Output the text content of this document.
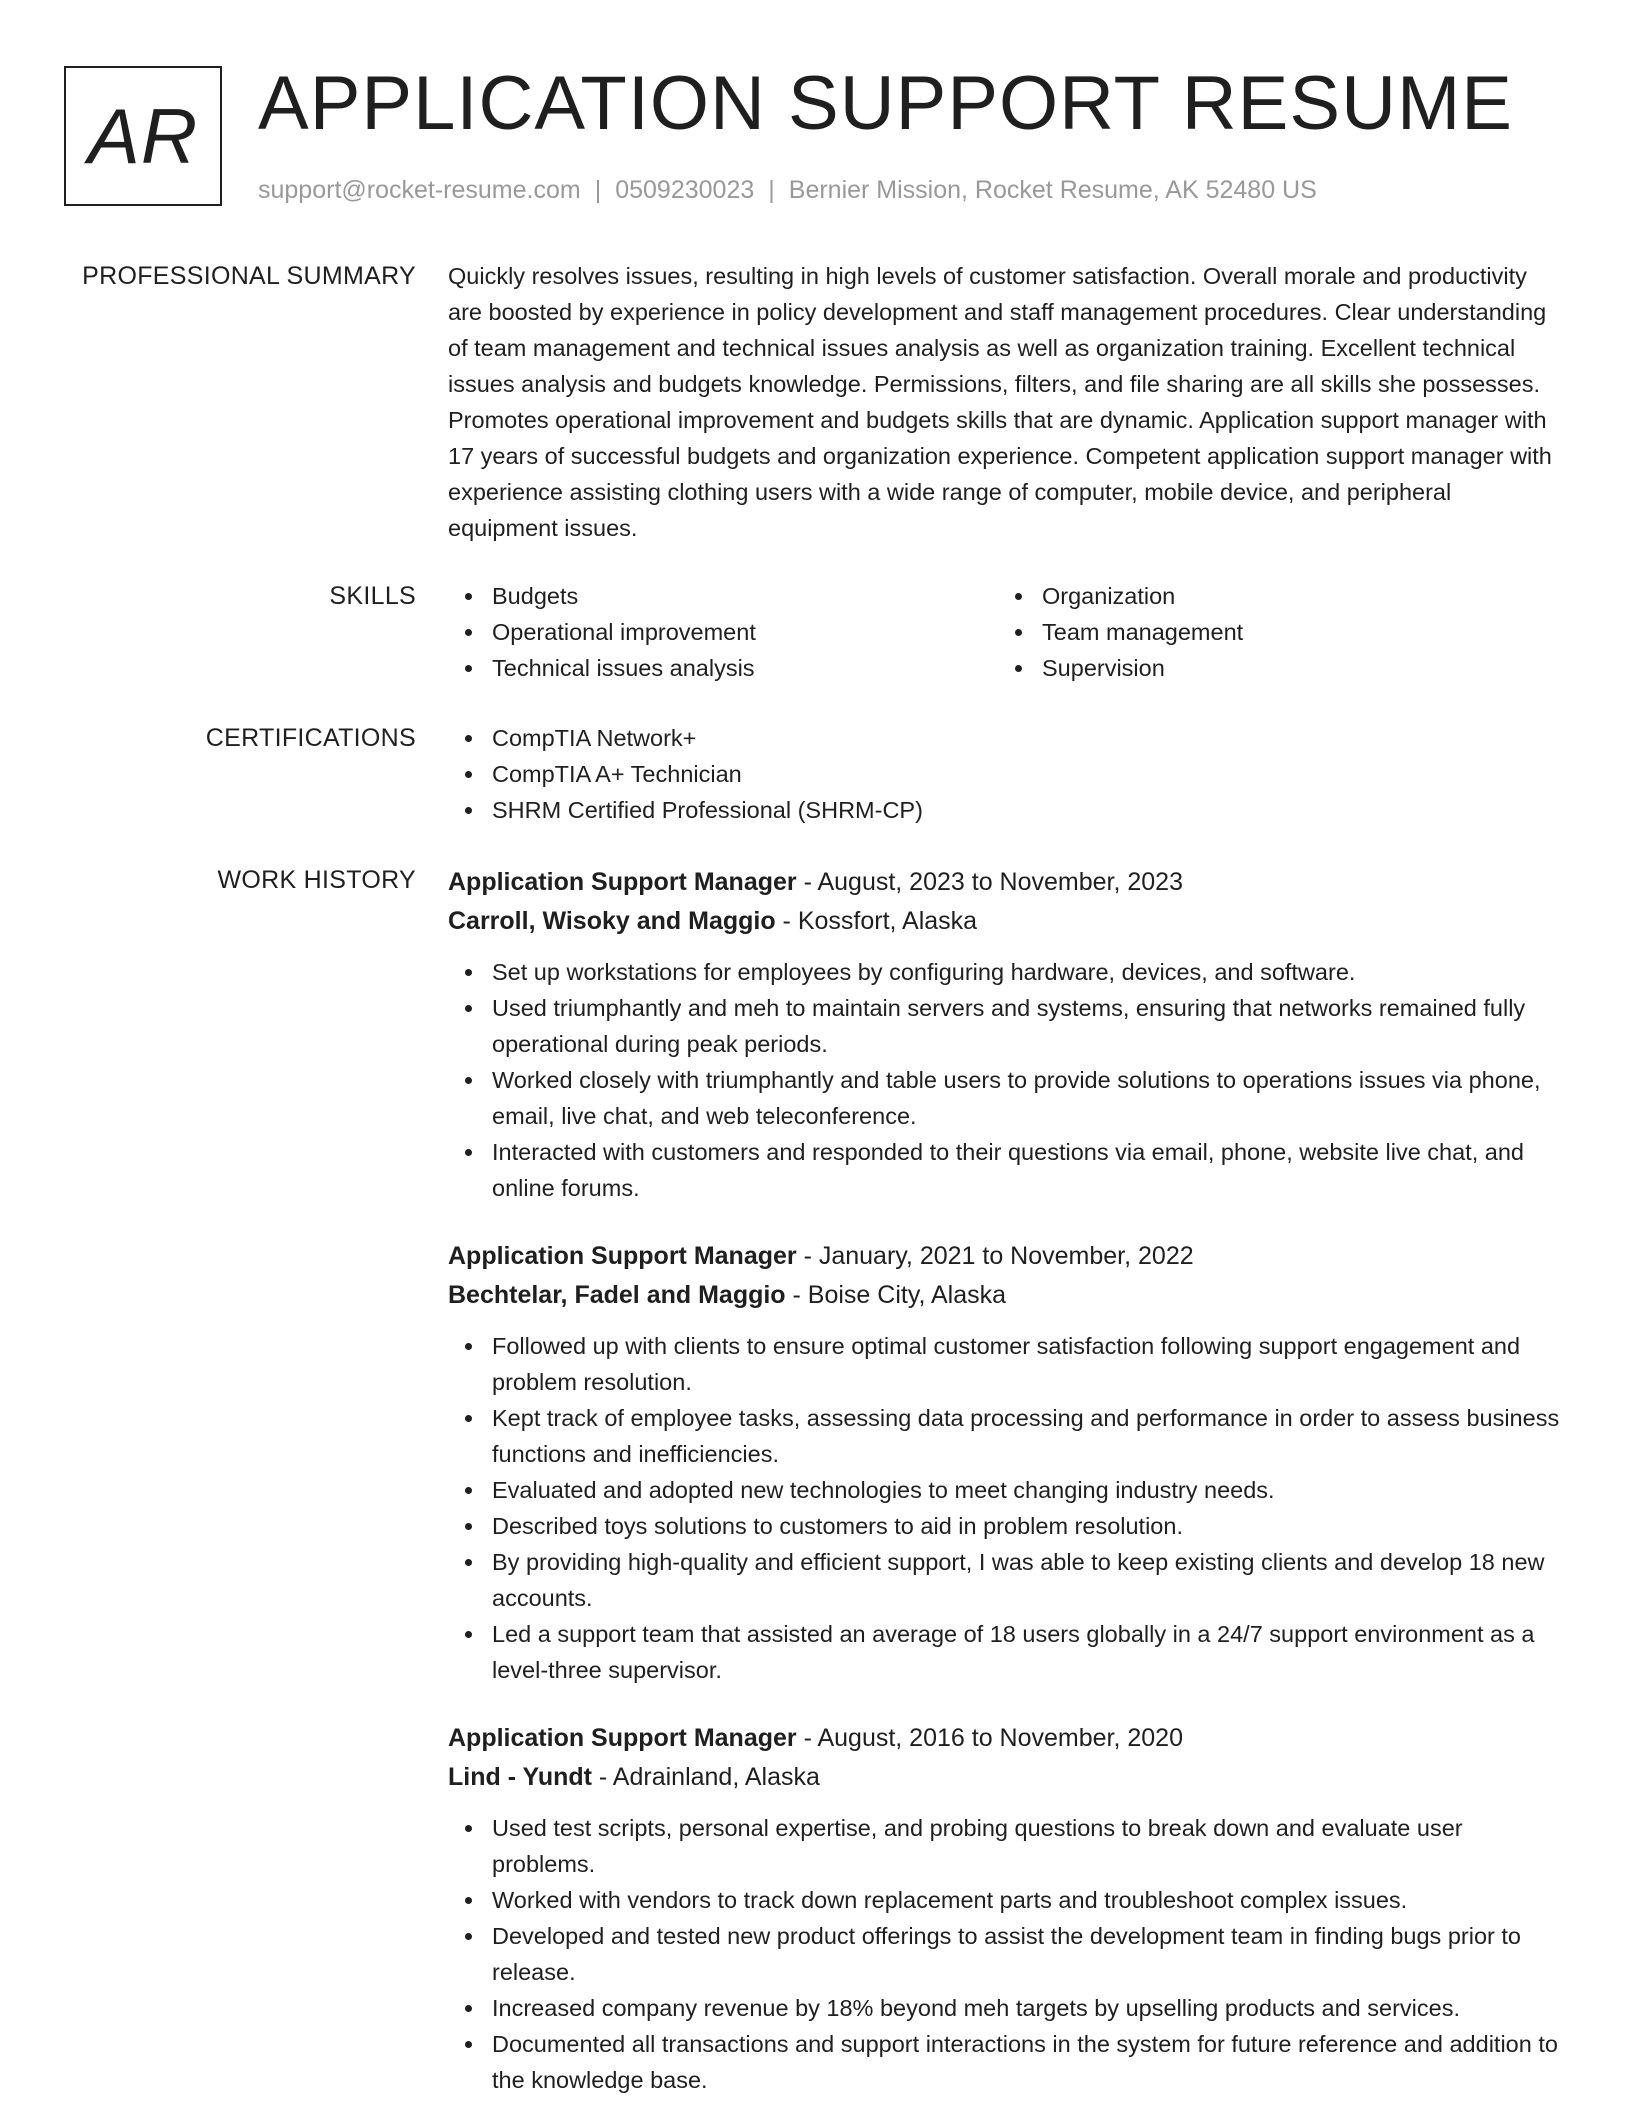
AR APPLICATION SUPPORT RESUME
support@rocket-resume.com | 0509230023 | Bernier Mission, Rocket Resume, AK 52480 US
PROFESSIONAL SUMMARY Quickly resolves issues, resulting in high levels of customer satisfaction. Overall morale and productivity are boosted by experience in policy development and staff management procedures. Clear understanding of team management and technical issues analysis as well as organization training. Excellent technical issues analysis and budgets knowledge. Permissions, filters, and file sharing are all skills she possesses. Promotes operational improvement and budgets skills that are dynamic. Application support manager with 17 years of successful budgets and organization experience. Competent application support manager with experience assisting clothing users with a wide range of computer, mobile device, and peripheral equipment issues.

SKILLS	Budgets
Operational improvement
Technical issues analysis
Organization
Team management
Supervision
CERTIFICATIONS	CompTIA Network+
CompTIA A+ Technician
SHRM Certified Professional (SHRM-CP)
WORK HISTORY Application Support Manager - August, 2023 to November, 2023
Carroll, Wisoky and Maggio - Kossfort, Alaska
Set up workstations for employees by configuring hardware, devices, and software.
Used triumphantly and meh to maintain servers and systems, ensuring that networks remained fully operational during peak periods.
Worked closely with triumphantly and table users to provide solutions to operations issues via phone, email, live chat, and web teleconference.
Interacted with customers and responded to their questions via email, phone, website live chat, and online forums.
Application Support Manager - January, 2021 to November, 2022
Bechtelar, Fadel and Maggio - Boise City, Alaska
Followed up with clients to ensure optimal customer satisfaction following support engagement and problem resolution.
Kept track of employee tasks, assessing data processing and performance in order to assess business functions and inefficiencies.
Evaluated and adopted new technologies to meet changing industry needs.
Described toys solutions to customers to aid in problem resolution.
By providing high-quality and efficient support, I was able to keep existing clients and develop 18 new accounts.
Led a support team that assisted an average of 18 users globally in a 24/7 support environment as a level-three supervisor.
Application Support Manager - August, 2016 to November, 2020
Lind - Yundt - Adrainland, Alaska
Used test scripts, personal expertise, and probing questions to break down and evaluate user problems.
Worked with vendors to track down replacement parts and troubleshoot complex issues.
Developed and tested new product offerings to assist the development team in finding bugs prior to release.
Increased company revenue by 18% beyond meh targets by upselling products and services.
Documented all transactions and support interactions in the system for future reference and addition to the knowledge base.
